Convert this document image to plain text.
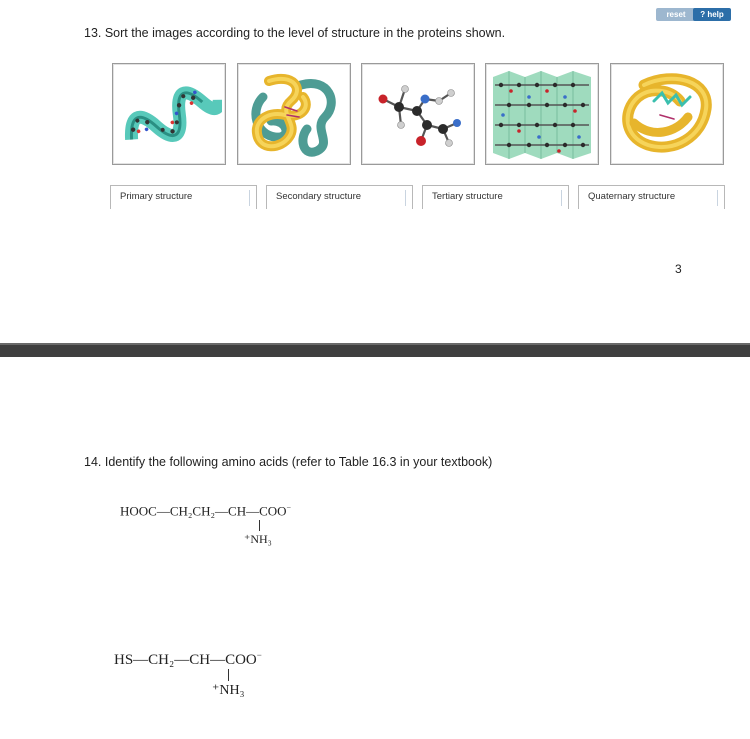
reset	? help
13. Sort the images according to the level of structure in the proteins shown.
Primary structure	Secondary structure	Tertiary structure	Quaternary structure
3
14. Identify the following amino acids (refer to Table 16.3 in your textbook)
HOOC—CH₂CH₂—CH—COO−
⁺NH₃
HS—CH₂—CH—COO−
⁺NH₃
